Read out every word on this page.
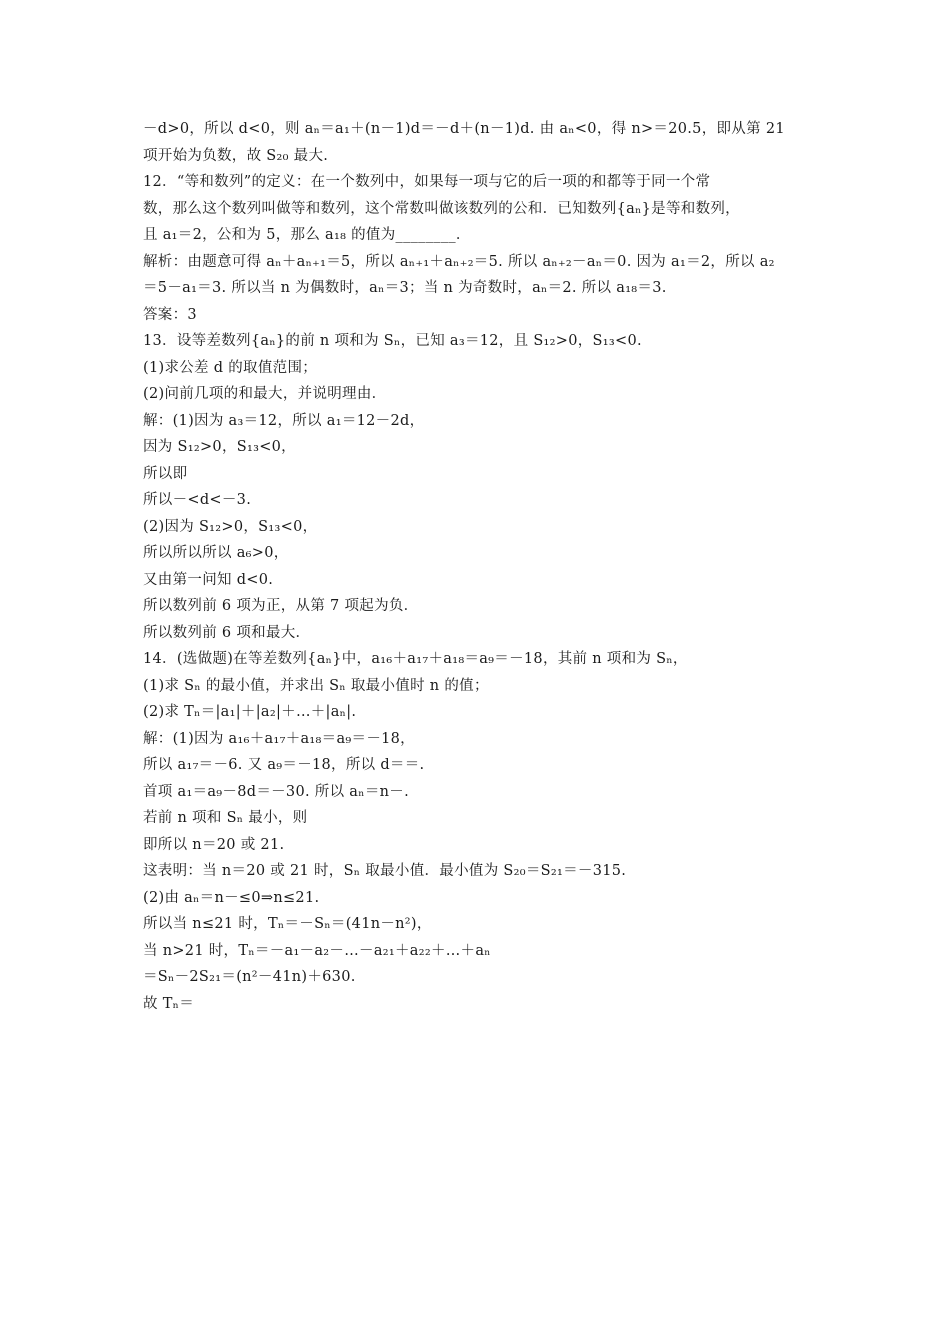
－d>0，所以 d<0，则 aₙ＝a₁＋(n－1)d＝－d＋(n－1)d. 由 aₙ<0，得 n>＝20.5，即从第 21
项开始为负数，故 S₂₀ 最大.
12．“等和数列”的定义：在一个数列中，如果每一项与它的后一项的和都等于同一个常
数，那么这个数列叫做等和数列，这个常数叫做该数列的公和．已知数列{aₙ}是等和数列，
且 a₁＝2，公和为 5，那么 a₁₈ 的值为________．
解析：由题意可得 aₙ＋aₙ₊₁＝5，所以 aₙ₊₁＋aₙ₊₂＝5. 所以 aₙ₊₂－aₙ＝0. 因为 a₁＝2，所以 a₂
＝5－a₁＝3. 所以当 n 为偶数时，aₙ＝3；当 n 为奇数时，aₙ＝2. 所以 a₁₈＝3.
答案：3
13．设等差数列{aₙ}的前 n 项和为 Sₙ，已知 a₃＝12，且 S₁₂>0，S₁₃<0.
(1)求公差 d 的取值范围；
(2)问前几项的和最大，并说明理由．
解：(1)因为 a₃＝12，所以 a₁＝12－2d，
因为 S₁₂>0，S₁₃<0，
所以即
所以－<d<－3.
(2)因为 S₁₂>0，S₁₃<0，
所以所以所以 a₆>0，
又由第一问知 d<0.
所以数列前 6 项为正，从第 7 项起为负．
所以数列前 6 项和最大．
14．(选做题)在等差数列{aₙ}中，a₁₆＋a₁₇＋a₁₈＝a₉＝－18，其前 n 项和为 Sₙ，
(1)求 Sₙ 的最小值，并求出 Sₙ 取最小值时 n 的值；
(2)求 Tₙ＝|a₁|＋|a₂|＋…＋|aₙ|.
解：(1)因为 a₁₆＋a₁₇＋a₁₈＝a₉＝－18，
所以 a₁₇＝－6. 又 a₉＝－18，所以 d＝＝.
首项 a₁＝a₉－8d＝－30. 所以 aₙ＝n－.
若前 n 项和 Sₙ 最小，则
即所以 n＝20 或 21.
这表明：当 n＝20 或 21 时，Sₙ 取最小值．最小值为 S₂₀＝S₂₁＝－315.
(2)由 aₙ＝n－≤0⇒n≤21.
所以当 n≤21 时，Tₙ＝－Sₙ＝(41n－n²)，
当 n>21 时，Tₙ＝－a₁－a₂－…－a₂₁＋a₂₂＋…＋aₙ
＝Sₙ－2S₂₁＝(n²－41n)＋630.
故 Tₙ＝
